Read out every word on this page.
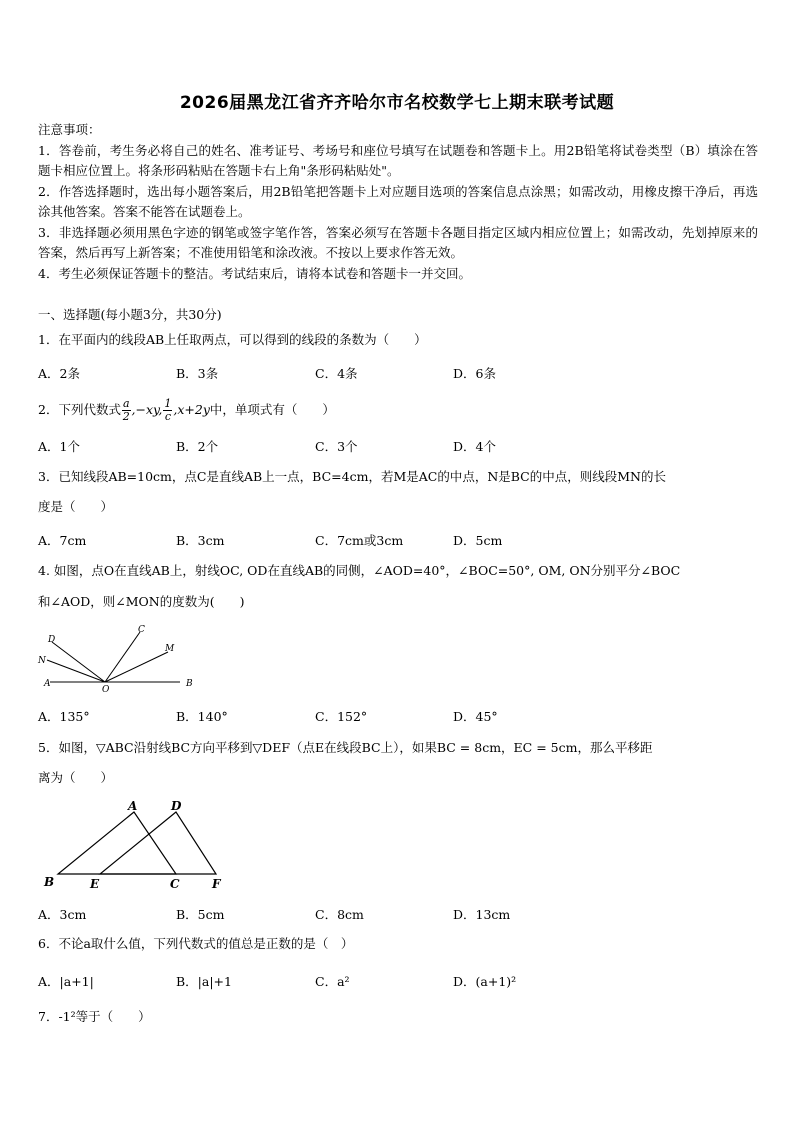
2026届黑龙江省齐齐哈尔市名校数学七上期末联考试题

注意事项：

1．答卷前，考生务必将自己的姓名、准考证号、考场号和座位号填写在试题卷和答题卡上。用2B铅笔将试卷类型（B）填涂在答题卡相应位置上。将条形码粘贴在答题卡右上角"条形码粘贴处"。

2．作答选择题时，选出每小题答案后，用2B铅笔把答题卡上对应题目选项的答案信息点涂黑；如需改动，用橡皮擦干净后，再选涂其他答案。答案不能答在试题卷上。

3．非选择题必须用黑色字迹的钢笔或签字笔作答，答案必须写在答题卡各题目指定区域内相应位置上；如需改动，先划掉原来的答案，然后再写上新答案；不准使用铅笔和涂改液。不按以上要求作答无效。

4．考生必须保证答题卡的整洁。考试结束后，请将本试卷和答题卡一并交回。

一、选择题(每小题3分，共30分)
1．在平面内的线段AB上任取两点，可以得到的线段的条数为（　　）
A．2条	B．3条	C．4条	D．6条
2．下列代数式 $\frac{a}{2} ,-xy$, $\frac{1}{c} ,x+2y$中，单项式有（　　）
A．1个	B．2个	C．3个	D．4个
3．已知线段AB=10cm，点C是直线AB上一点，BC=4cm，若M是AC的中点，N是BC的中点，则线段MN的长
度是（　　）
A．7cm	B．3cm	C．7cm或3cm	D．5cm
4. 如图，点O在直线AB上，射线OC, OD在直线AB的同侧，∠AOD=40°，∠BOC=50°, OM, ON分别平分∠BOC
和∠AOD，则∠MON的度数为(　　)
D
C
M
N
A
O
B
A．135°	B．140°	C．152°	D．45°
5．如图，▽ABC沿射线BC方向平移到▽DEF（点E在线段BC上），如果BC = 8cm，EC = 5cm，那么平移距
离为（　　）
A	D
B	E	C	F
A．3cm	B．5cm	C．8cm	D．13cm
6．不论a取什么值，下列代数式的值总是正数的是（　）
A．|a+1|	B．|a|+1	C．a²	D．(a+1)²
7．-1²等于（　　）
